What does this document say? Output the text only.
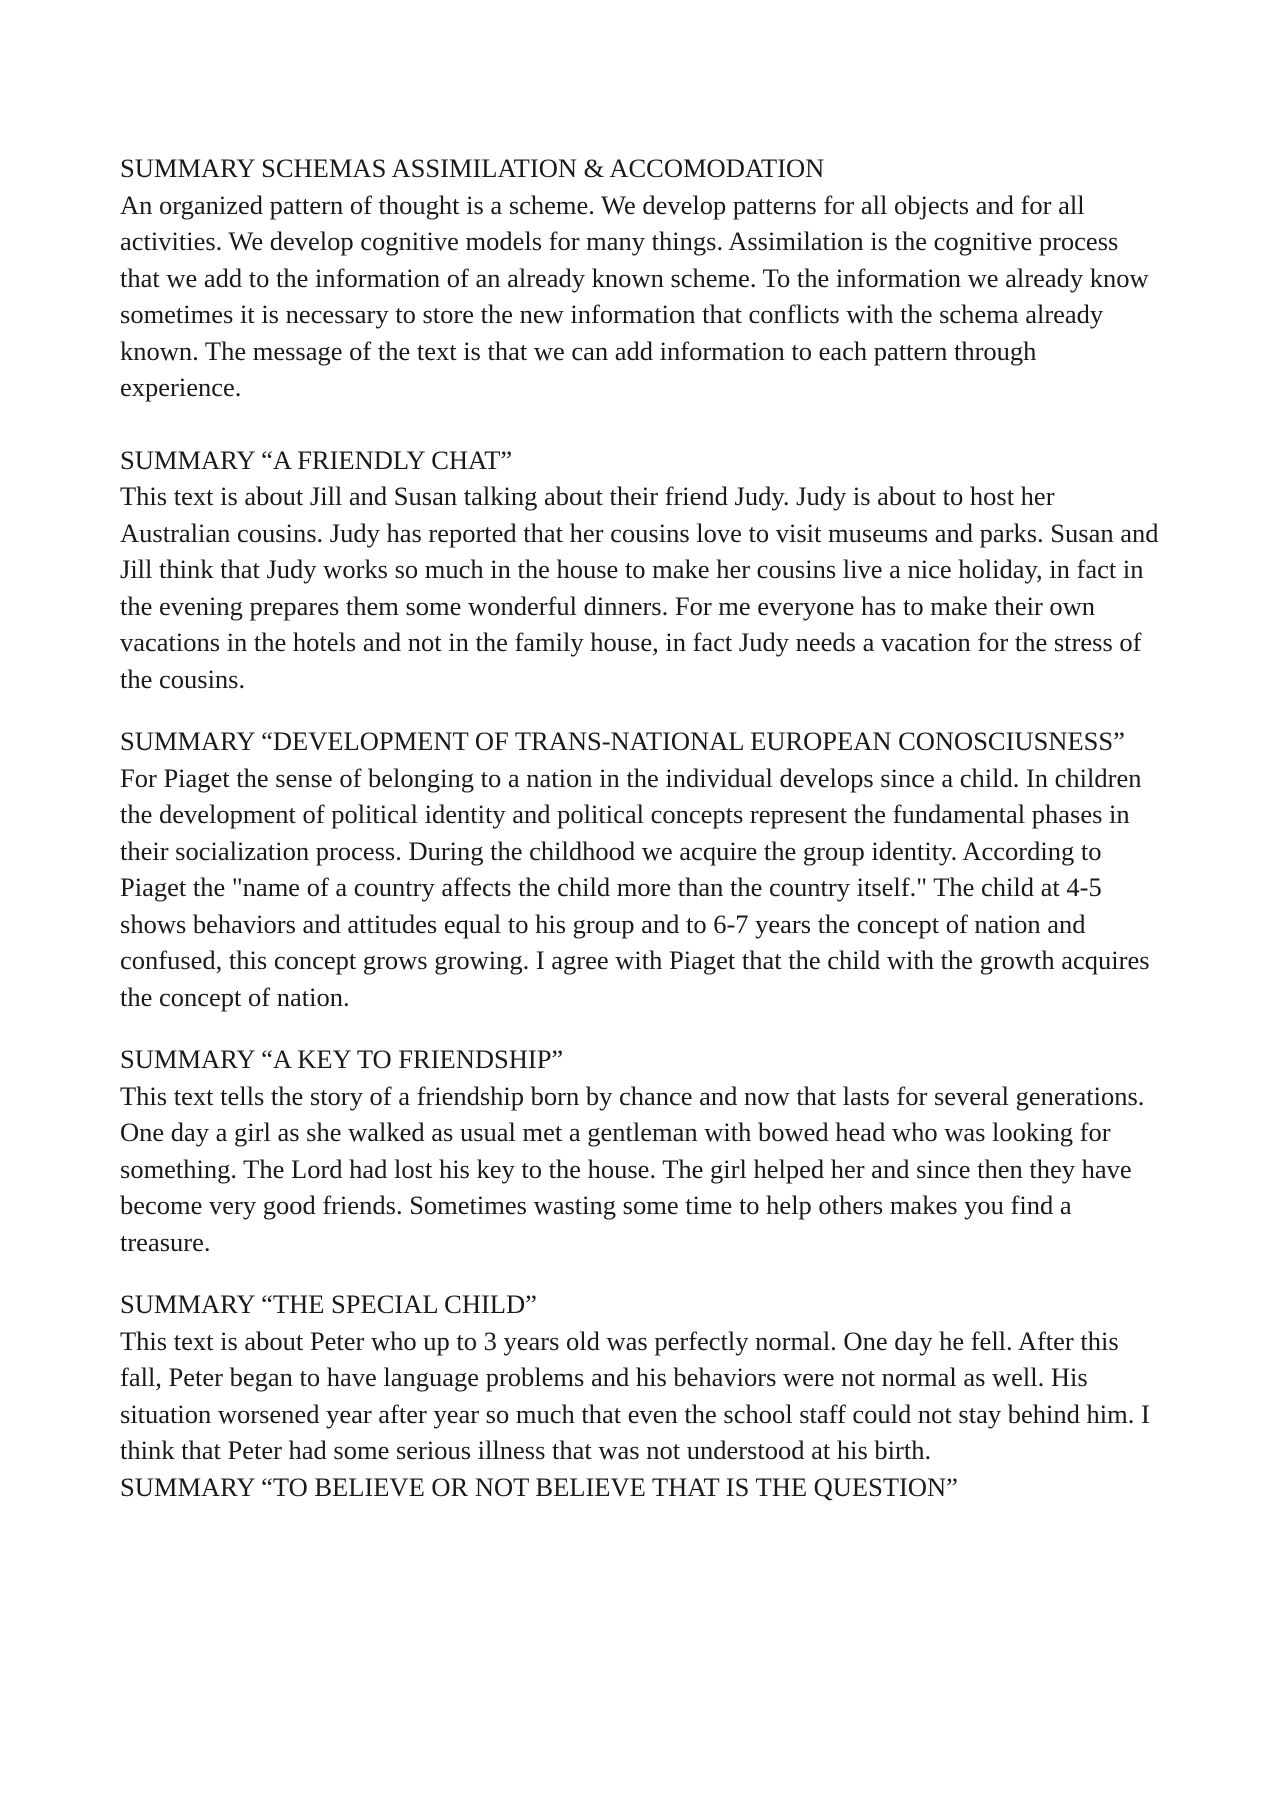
SUMMARY SCHEMAS ASSIMILATION & ACCOMODATION

An organized pattern of thought is a scheme. We develop patterns for all objects and for all activities. We develop cognitive models for many things. Assimilation is the cognitive process that we add to the information of an already known scheme. To the information we already know sometimes it is necessary to store the new information that conflicts with the schema already known. The message of the text is that we can add information to each pattern through experience.

SUMMARY “A FRIENDLY CHAT”

This text is about Jill and Susan talking about their friend Judy. Judy is about to host her Australian cousins. Judy has reported that her cousins love to visit museums and parks. Susan and Jill think that Judy works so much in the house to make her cousins live a nice holiday, in fact in the evening prepares them some wonderful dinners. For me everyone has to make their own vacations in the hotels and not in the family house, in fact Judy needs a vacation for the stress of the cousins.

SUMMARY “DEVELOPMENT OF TRANS-NATIONAL EUROPEAN CONOSCIUSNESS”

For Piaget the sense of belonging to a nation in the individual develops since a child. In children the development of political identity and political concepts represent the fundamental phases in their socialization process. During the childhood we acquire the group identity. According to Piaget the "name of a country affects the child more than the country itself." The child at 4-5 shows behaviors and attitudes equal to his group and to 6-7 years the concept of nation and confused, this concept grows growing. I agree with Piaget that the child with the growth acquires the concept of nation.

SUMMARY “A KEY TO FRIENDSHIP”

This text tells the story of a friendship born by chance and now that lasts for several generations. One day a girl as she walked as usual met a gentleman with bowed head who was looking for something. The Lord had lost his key to the house. The girl helped her and since then they have become very good friends. Sometimes wasting some time to help others makes you find a treasure.

SUMMARY “THE SPECIAL CHILD”

This text is about Peter who up to 3 years old was perfectly normal. One day he fell. After this fall, Peter began to have language problems and his behaviors were not normal as well. His situation worsened year after year so much that even the school staff could not stay behind him. I think that Peter had some serious illness that was not understood at his birth.

SUMMARY “TO BELIEVE OR NOT BELIEVE THAT IS THE QUESTION”
